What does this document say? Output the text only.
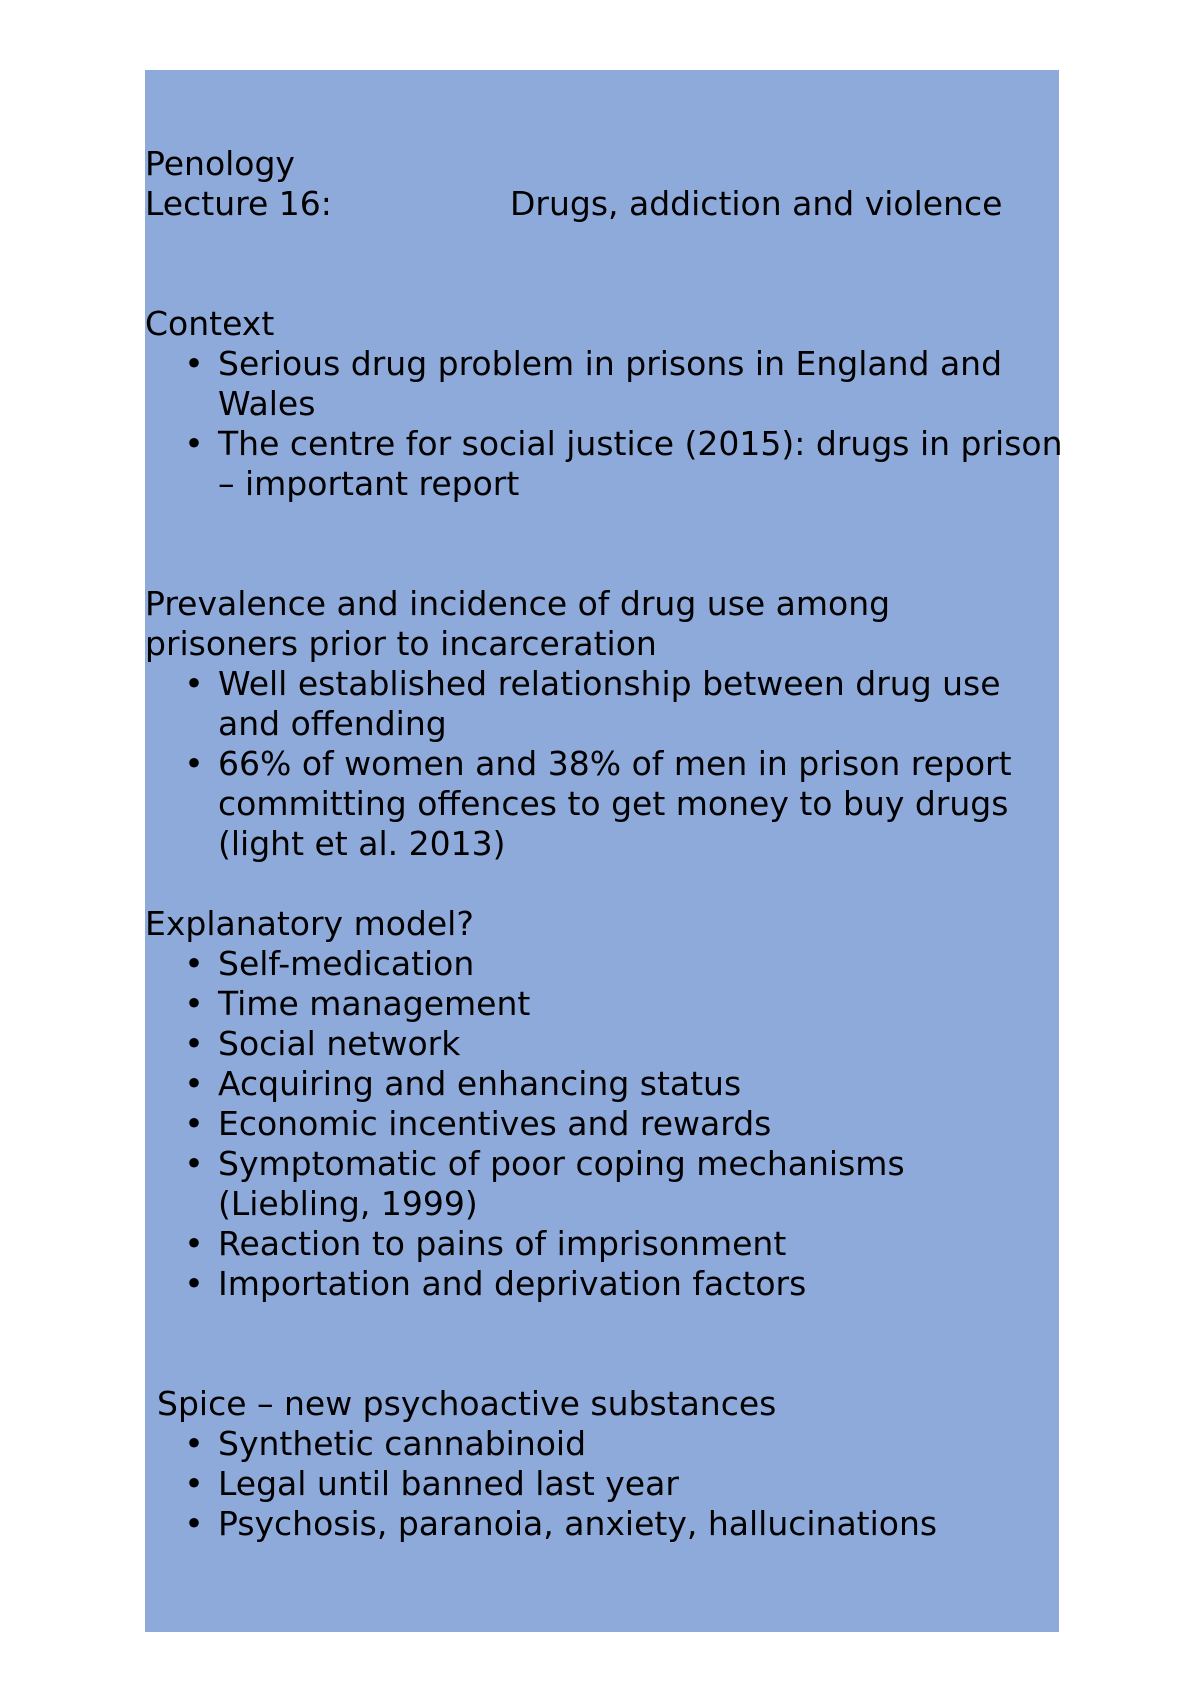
Penology
Lecture 16:	Drugs, addiction and violence
Context
• Serious drug problem in prisons in England and Wales
• The centre for social justice (2015): drugs in prison – important report
Prevalence and incidence of drug use among prisoners prior to incarceration
• Well established relationship between drug use and offending
• 66% of women and 38% of men in prison report committing offences to get money to buy drugs (light et al. 2013)
Explanatory model?
• Self-medication
• Time management
• Social network
• Acquiring and enhancing status
• Economic incentives and rewards
• Symptomatic of poor coping mechanisms (Liebling, 1999)
• Reaction to pains of imprisonment
• Importation and deprivation factors
Spice – new psychoactive substances
• Synthetic cannabinoid
• Legal until banned last year
• Psychosis, paranoia, anxiety, hallucinations
